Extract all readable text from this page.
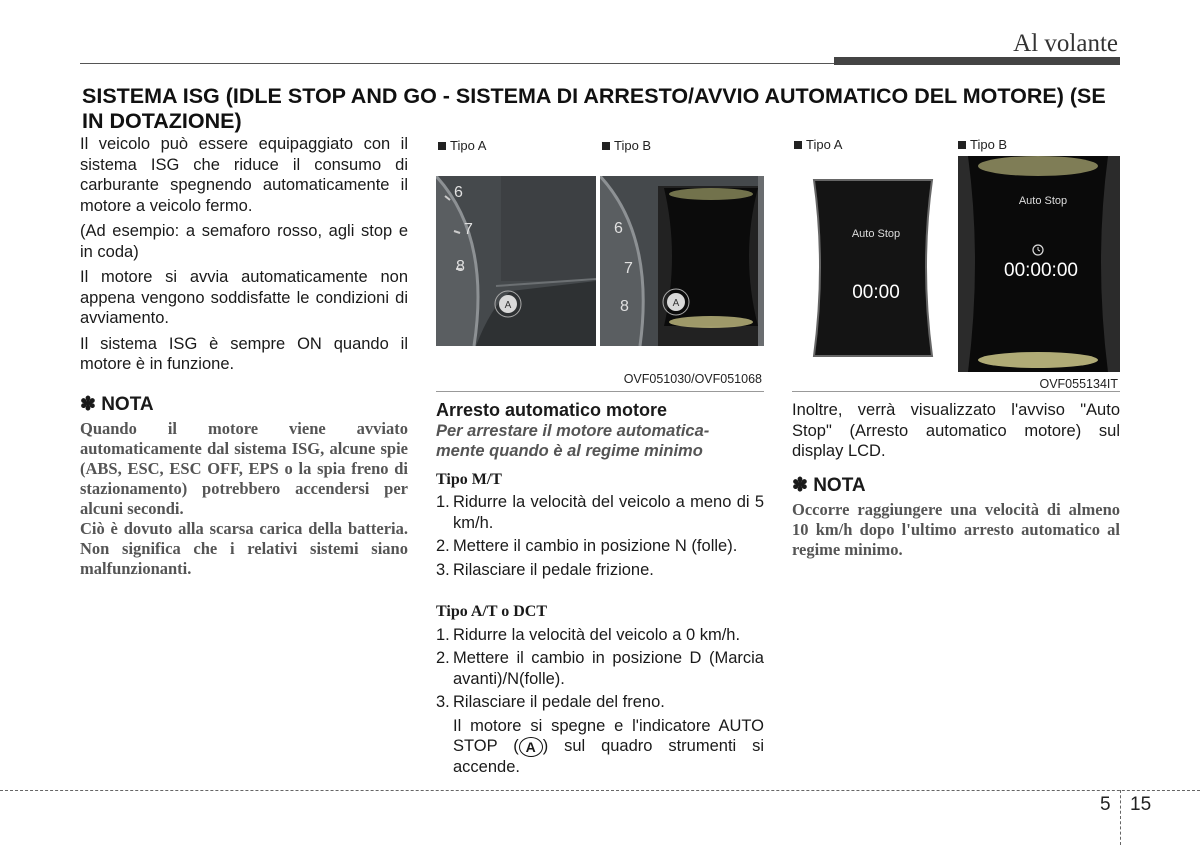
Al volante
SISTEMA ISG (IDLE STOP AND GO - SISTEMA DI ARRESTO/AVVIO AUTOMATICO DEL MOTORE) (SE IN DOTAZIONE)

Il veicolo può essere equipaggiato con il sistema ISG che riduce il consumo di carburante spegnendo automaticamente il motore a veicolo fermo.

(Ad esempio: a semaforo rosso, agli stop e in coda)

Il motore si avvia automaticamente non appena vengono soddisfatte le condizioni di avviamento.

Il sistema ISG è sempre ON quando il motore è in funzione.

✽ NOTA

Quando il motore viene avviato automaticamente dal sistema ISG, alcune spie (ABS, ESC, ESC OFF, EPS o la spia freno di stazionamento) potrebbero accendersi per alcuni secondi.

Ciò è dovuto alla scarsa carica della batteria. Non significa che i relativi sistemi siano malfunzionanti.

Tipo A	Tipo B
A
6
7
8
A
6
7
8
OVF051030/OVF051068
Tipo A	Tipo B
Auto Stop
00:00
Auto Stop
00:00:00
OVF055134IT
Arresto automatico motore

Per arrestare il motore automatica-
mente quando è al regime minimo

Tipo M/T
1. Ridurre la velocità del veicolo a meno di 5 km/h.
2. Mettere il cambio in posizione N (folle).
3. Rilasciare il pedale frizione.
Tipo A/T o DCT
1. Ridurre la velocità del veicolo a 0 km/h.
2. Mettere il cambio in posizione D (Marcia avanti)/N(folle).
3. Rilasciare il pedale del freno.

Il motore si spegne e l'indicatore AUTO STOP ( A ) sul quadro strumenti si accende.

Inoltre, verrà visualizzato l'avviso "Auto Stop" (Arresto automatico motore) sul display LCD.

✽ NOTA

Occorre raggiungere una velocità di almeno 10 km/h dopo l'ultimo arresto automatico al regime minimo.

5 15
